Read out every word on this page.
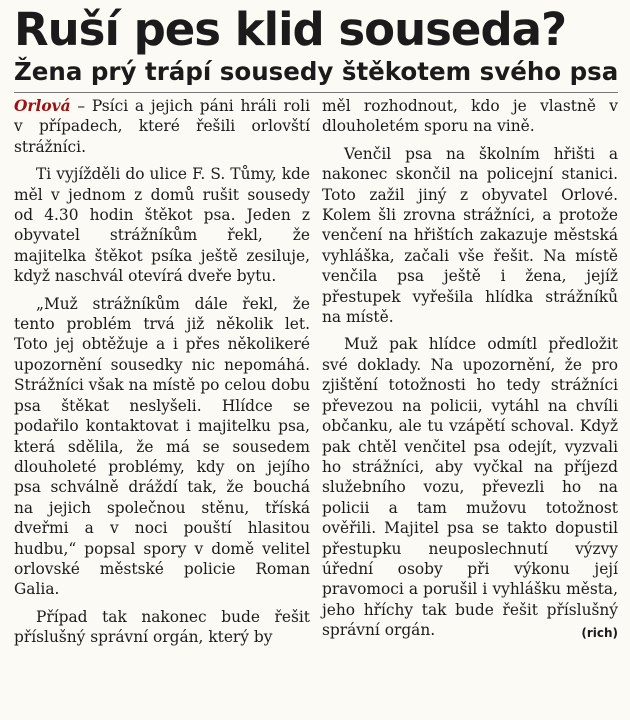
Ruší pes klid souseda?
Žena prý trápí sousedy štěkotem svého psa

Orlová – Psíci a jejich páni hráli roli v případech, které řešili orlovští strážníci.

Ti vyjížděli do ulice F. S. Tůmy, kde měl v jednom z domů rušit sousedy od 4.30 hodin štěkot psa. Jeden z obyvatel strážníkům řekl, že majitelka štěkot psíka ještě zesiluje, když naschvál otevírá dveře bytu.

„Muž strážníkům dále řekl, že tento problém trvá již několik let. Toto jej obtěžuje a i přes několikeré upozornění sousedky nic nepomáhá. Strážníci však na místě po celou dobu psa štěkat neslyšeli. Hlídce se podařilo kontaktovat i majitelku psa, která sdělila, že má se sousedem dlouholeté problémy, kdy on jejího psa schválně dráždí tak, že bouchá na jejich společnou stěnu, tříská dveřmi a v noci pouští hlasitou hudbu,“ popsal spory v domě velitel orlovské městské policie Roman Galia.

Případ tak nakonec bude řešit příslušný správní orgán, který by

měl rozhodnout, kdo je vlastně v dlouholetém sporu na vině.

Venčil psa na školním hřišti a nakonec skončil na policejní stanici. Toto zažil jiný z obyvatel Orlové. Kolem šli zrovna strážníci, a protože venčení na hřištích zakazuje městská vyhláška, začali vše řešit. Na místě venčila psa ještě i žena, jejíž přestupek vyřešila hlídka strážníků na místě.

Muž pak hlídce odmítl předložit své doklady. Na upozornění, že pro zjištění totožnosti ho tedy strážníci převezou na policii, vytáhl na chvíli občanku, ale tu vzápětí schoval. Když pak chtěl venčitel psa odejít, vyzvali ho strážníci, aby vyčkal na příjezd služebního vozu, převezli ho na policii a tam mužovu totožnost ověřili. Majitel psa se takto dopustil přestupku neuposlechnutí výzvy úřední osoby při výkonu její pravomoci a porušil i vyhlášku města, jeho hříchy tak bude řešit příslušný správní orgán.	(rich)
